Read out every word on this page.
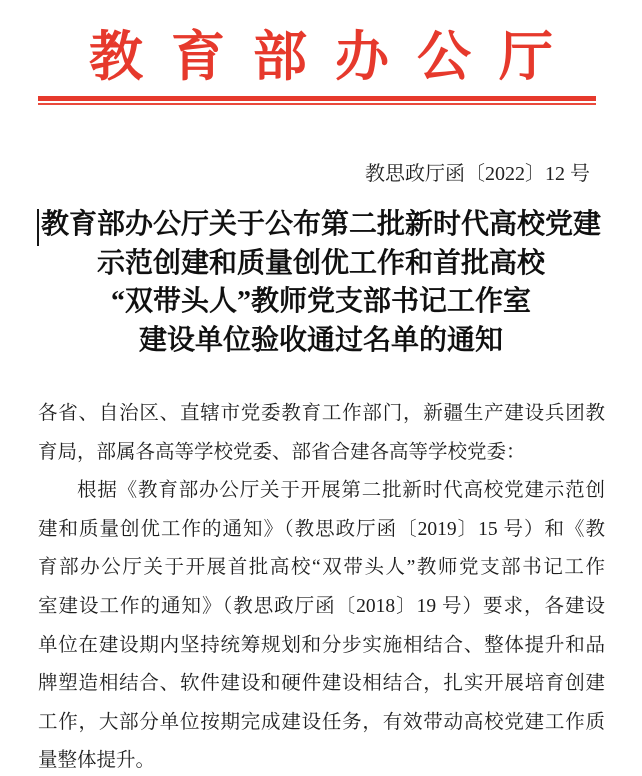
教育部办公厅
教思政厅函〔2022〕12 号
教育部办公厅关于公布第二批新时代高校党建
示范创建和质量创优工作和首批高校
“双带头人”教师党支部书记工作室
建设单位验收通过名单的通知
各省、自治区、直辖市党委教育工作部门，新疆生产建设兵团教
育局，部属各高等学校党委、部省合建各高等学校党委：
根据《教育部办公厅关于开展第二批新时代高校党建示范创
建和质量创优工作的通知》（教思政厅函〔2019〕15 号）和《教
育部办公厅关于开展首批高校“双带头人”教师党支部书记工作
室建设工作的通知》（教思政厅函〔2018〕19 号）要求，各建设
单位在建设期内坚持统筹规划和分步实施相结合、整体提升和品
牌塑造相结合、软件建设和硬件建设相结合，扎实开展培育创建
工作，大部分单位按期完成建设任务，有效带动高校党建工作质
量整体提升。
